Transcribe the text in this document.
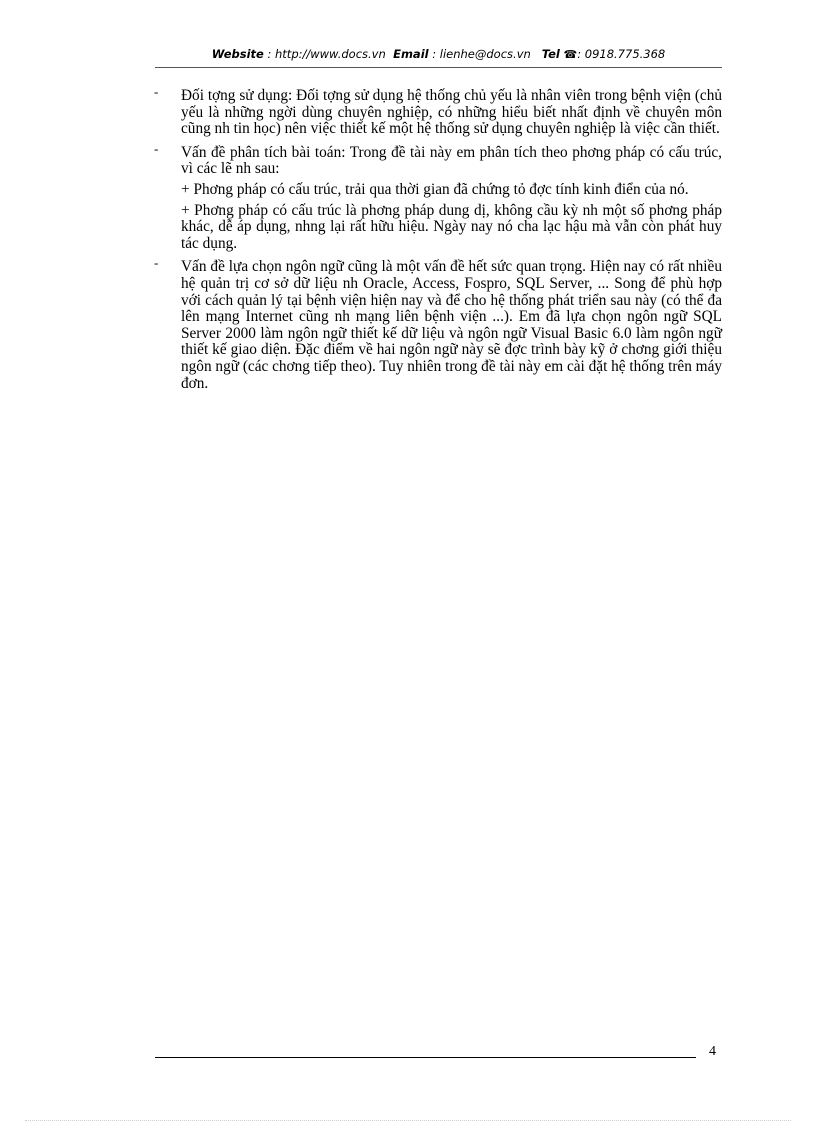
Website : http://www.docs.vn Email : lienhe@docs.vn Tel ☎: 0918.775.368
- Đối tợng sử dụng: Đối tợng sử dụng hệ thống chủ yếu là nhân viên trong bệnh viện (chủ yếu là những ngời dùng chuyên nghiệp, có những hiểu biết nhất định về chuyên môn cũng nh tin học) nên việc thiết kế một hệ thống sử dụng chuyên nghiệp là việc cần thiết.

- Vấn đề phân tích bài toán: Trong đề tài này em phân tích theo phơng pháp có cấu trúc, vì các lẽ nh sau:

+ Phơng pháp có cấu trúc, trải qua thời gian đã chứng tỏ đợc tính kinh điển của nó.

+ Phơng pháp có cấu trúc là phơng pháp dung dị, không cầu kỳ nh một số phơng pháp khác, dễ áp dụng, nhng lại rất hữu hiệu. Ngày nay nó cha lạc hậu mà vẫn còn phát huy tác dụng.

- Vấn đề lựa chọn ngôn ngữ cũng là một vấn đề hết sức quan trọng. Hiện nay có rất nhiều hệ quản trị cơ sở dữ liệu nh Oracle, Access, Fospro, SQL Server, ... Song để phù hợp với cách quản lý tại bệnh viện hiện nay và để cho hệ thống phát triển sau này (có thể đa lên mạng Internet cũng nh mạng liên bệnh viện ...). Em đã lựa chọn ngôn ngữ SQL Server 2000 làm ngôn ngữ thiết kế dữ liệu và ngôn ngữ Visual Basic 6.0 làm ngôn ngữ thiết kế giao diện. Đặc điểm về hai ngôn ngữ này sẽ đợc trình bày kỹ ở chơng giới thiệu ngôn ngữ (các chơng tiếp theo). Tuy nhiên trong đề tài này em cài đặt hệ thống trên máy đơn.

4
